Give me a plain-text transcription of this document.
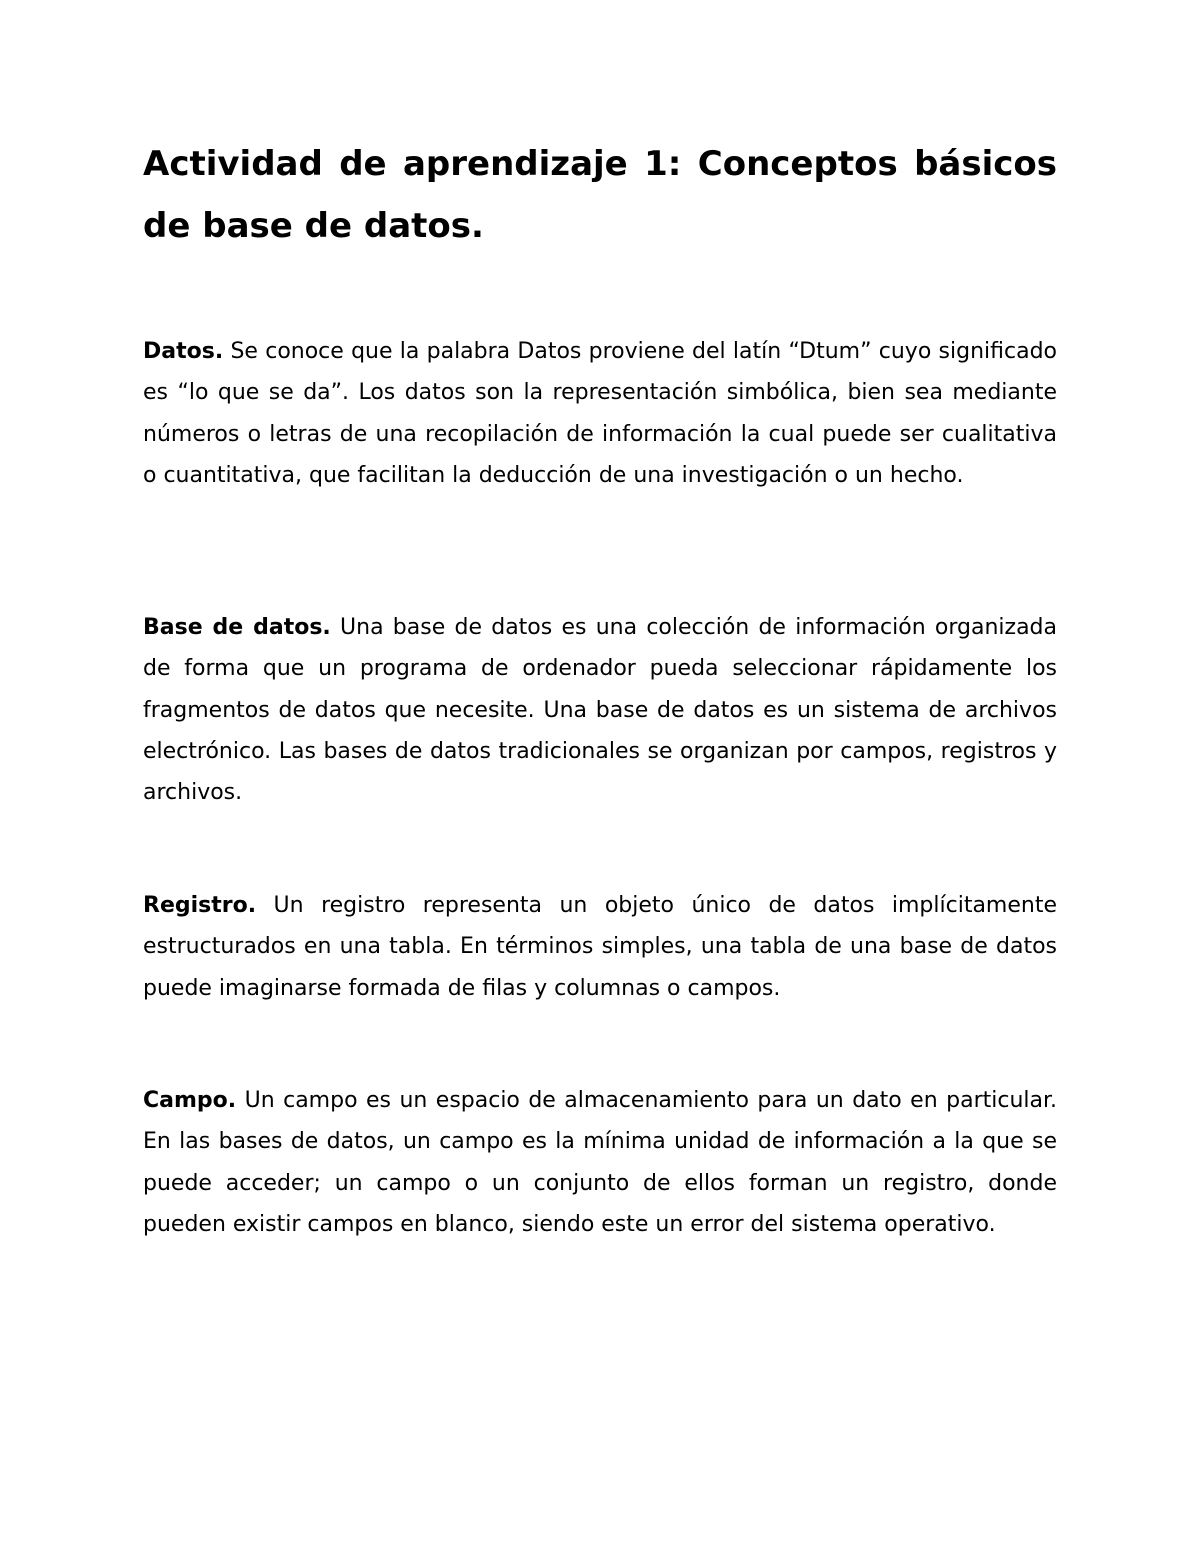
Actividad de aprendizaje 1: Conceptos básicos de base de datos.

Datos. Se conoce que la palabra Datos proviene del latín “Dtum” cuyo significado es “lo que se da”. Los datos son la representación simbólica, bien sea mediante números o letras de una recopilación de información la cual puede ser cualitativa o cuantitativa, que facilitan la deducción de una investigación o un hecho.

Base de datos. Una base de datos es una colección de información organizada de forma que un programa de ordenador pueda seleccionar rápidamente los fragmentos de datos que necesite. Una base de datos es un sistema de archivos electrónico. Las bases de datos tradicionales se organizan por campos, registros y archivos.

Registro. Un registro representa un objeto único de datos implícitamente estructurados en una tabla. En términos simples, una tabla de una base de datos puede imaginarse formada de filas y columnas o campos.

Campo. Un campo es un espacio de almacenamiento para un dato en particular. En las bases de datos, un campo es la mínima unidad de información a la que se puede acceder; un campo o un conjunto de ellos forman un registro, donde pueden existir campos en blanco, siendo este un error del sistema operativo.
